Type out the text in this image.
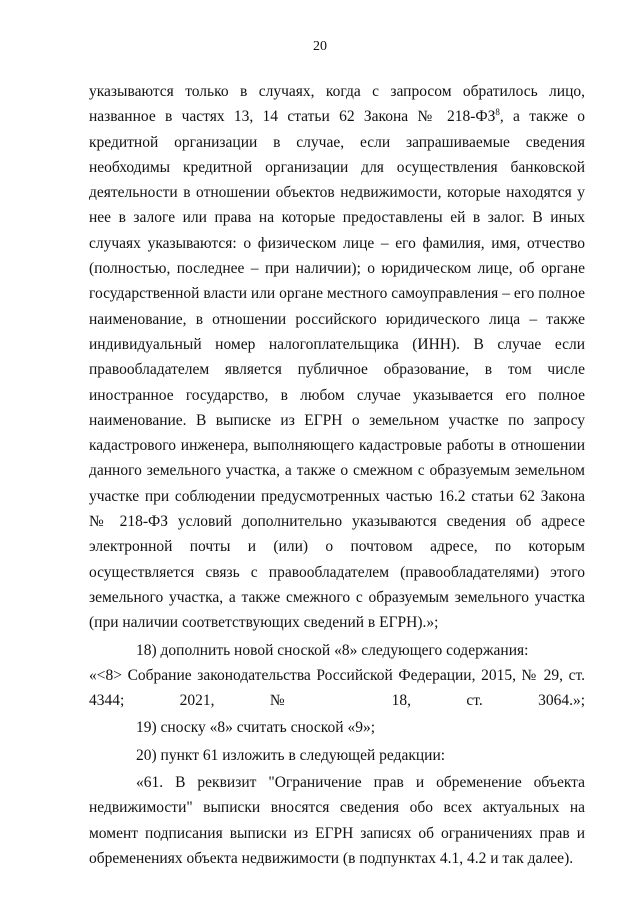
20

указываются только в случаях, когда с запросом обратилось лицо, названное в частях 13, 14 статьи 62 Закона № $218-ФЗ^8$, а также о кредитной организации в случае, если запрашиваемые сведения необходимы кредитной организации для осуществления банковской деятельности в отношении объектов недвижимости, которые находятся у нее в залоге или права на которые предоставлены ей в залог. В иных случаях указываются: о физическом лице – его фамилия, имя, отчество (полностью, последнее – при наличии); о юридическом лице, об органе государственной власти или органе местного самоуправления – его полное наименование, в отношении российского юридического лица – также индивидуальный номер налогоплательщика (ИНН). В случае если правообладателем является публичное образование, в том числе иностранное государство, в любом случае указывается его полное наименование. В выписке из ЕГРН о земельном участке по запросу кадастрового инженера, выполняющего кадастровые работы в отношении данного земельного участка, а также о смежном с образуемым земельном участке при соблюдении предусмотренных частью 16.2 статьи 62 Закона № 218-ФЗ условий дополнительно указываются сведения об адресе электронной почты и (или) о почтовом адресе, по которым осуществляется связь с правообладателем (правообладателями) этого земельного участка, а также смежного с образуемым земельного участка (при наличии соответствующих сведений в ЕГРН).»;

18) дополнить новой сноской «8» следующего содержания:

«<8> Собрание законодательства Российской Федерации, 2015, № 29, ст. 4344; 2021, № 18, ст. 3064.»;

19) сноску «8» считать сноской «9»;

20) пункт 61 изложить в следующей редакции:

«61. В реквизит "Ограничение прав и обременение объекта недвижимости" выписки вносятся сведения обо всех актуальных на момент подписания выписки из ЕГРН записях об ограничениях прав и обременениях объекта недвижимости (в подпунктах 4.1, 4.2 и так далее).
